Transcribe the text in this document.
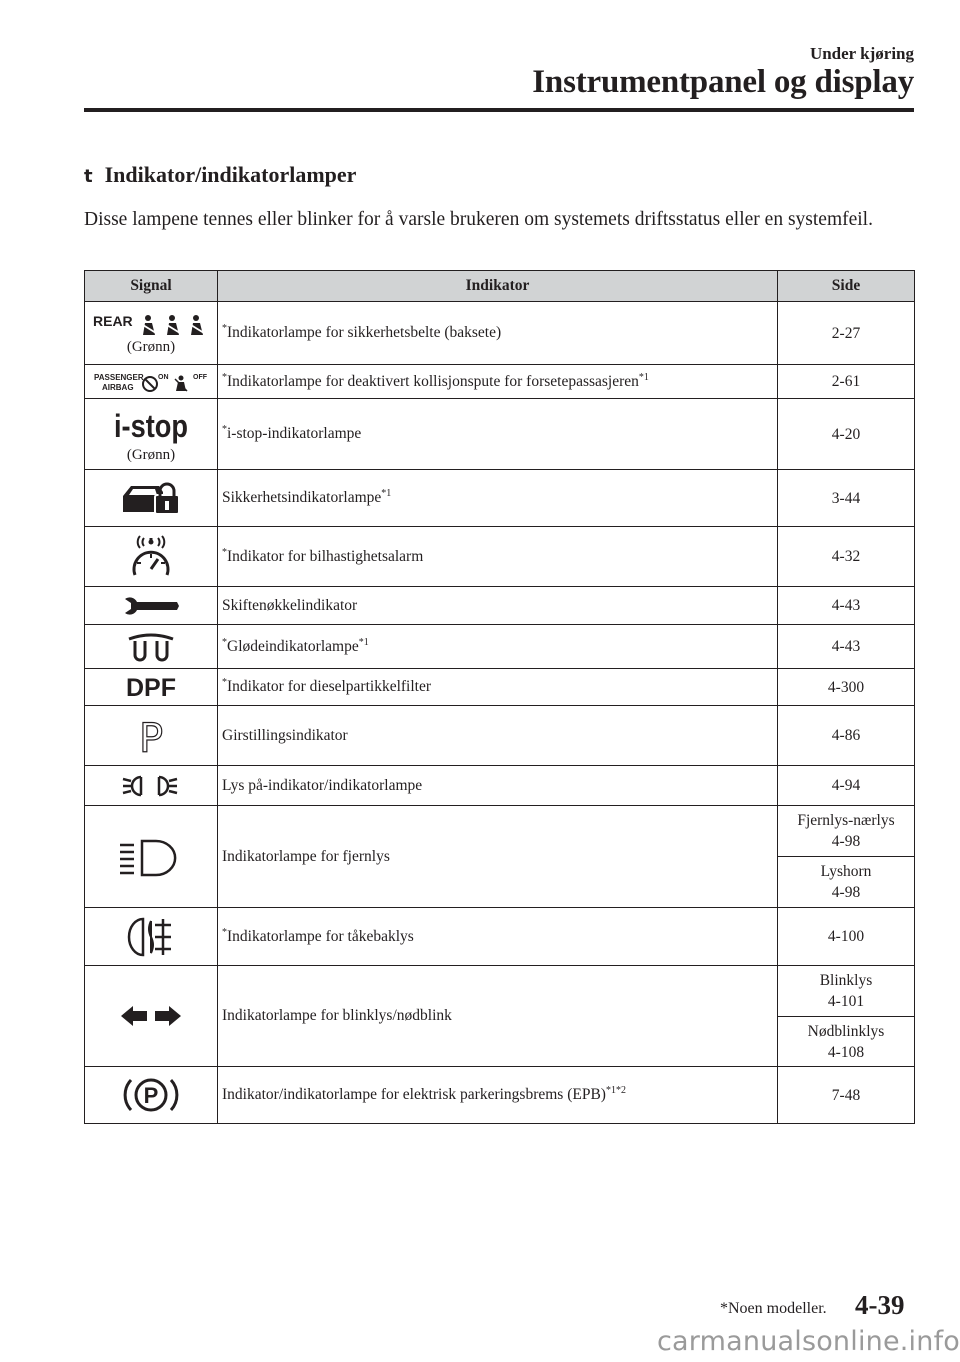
Under kjøring
Instrumentpanel og display
t Indikator/indikatorlamper
Disse lampene tennes eller blinker for å varsle brukeren om systemets driftsstatus eller en systemfeil.
Signal	Indikator	Side

REAR
(Grønn)	*Indikatorlampe for sikkerhetsbelte (baksete)	2-27

PASSENGER
AIRBAG
ON OFF	*Indikatorlampe for deaktivert kollisjonspute for forsetepassasjeren$^{*1}$	2-61

i-stop
(Grønn)	*i-stop-indikatorlampe	4-20

	Sikkerhetsindikatorlampe$^{*1}$	3-44

	*Indikator for bilhastighetsalarm	4-32

	Skiftenøkkelindikator	4-43

	*Glødeindikatorlampe$^{*1}$	4-43

DPF	*Indikator for dieselpartikkelfilter	4-300

P	Girstillingsindikator	4-86

	Lys på-indikator/indikatorlampe	4-94

	Indikatorlampe for fjernlys	Fjernlys-nærlys
4-98
		Lyshorn
4-98

	*Indikatorlampe for tåkebaklys	4-100

	Indikatorlampe for blinklys/nødblink	Blinklys
4-101
		Nødblinklys
4-108

P	Indikator/indikatorlampe for elektrisk parkeringsbrems (EPB)$^{*1*2}$	7-48
*Noen modeller. 4-39
carmanualsonline.info
